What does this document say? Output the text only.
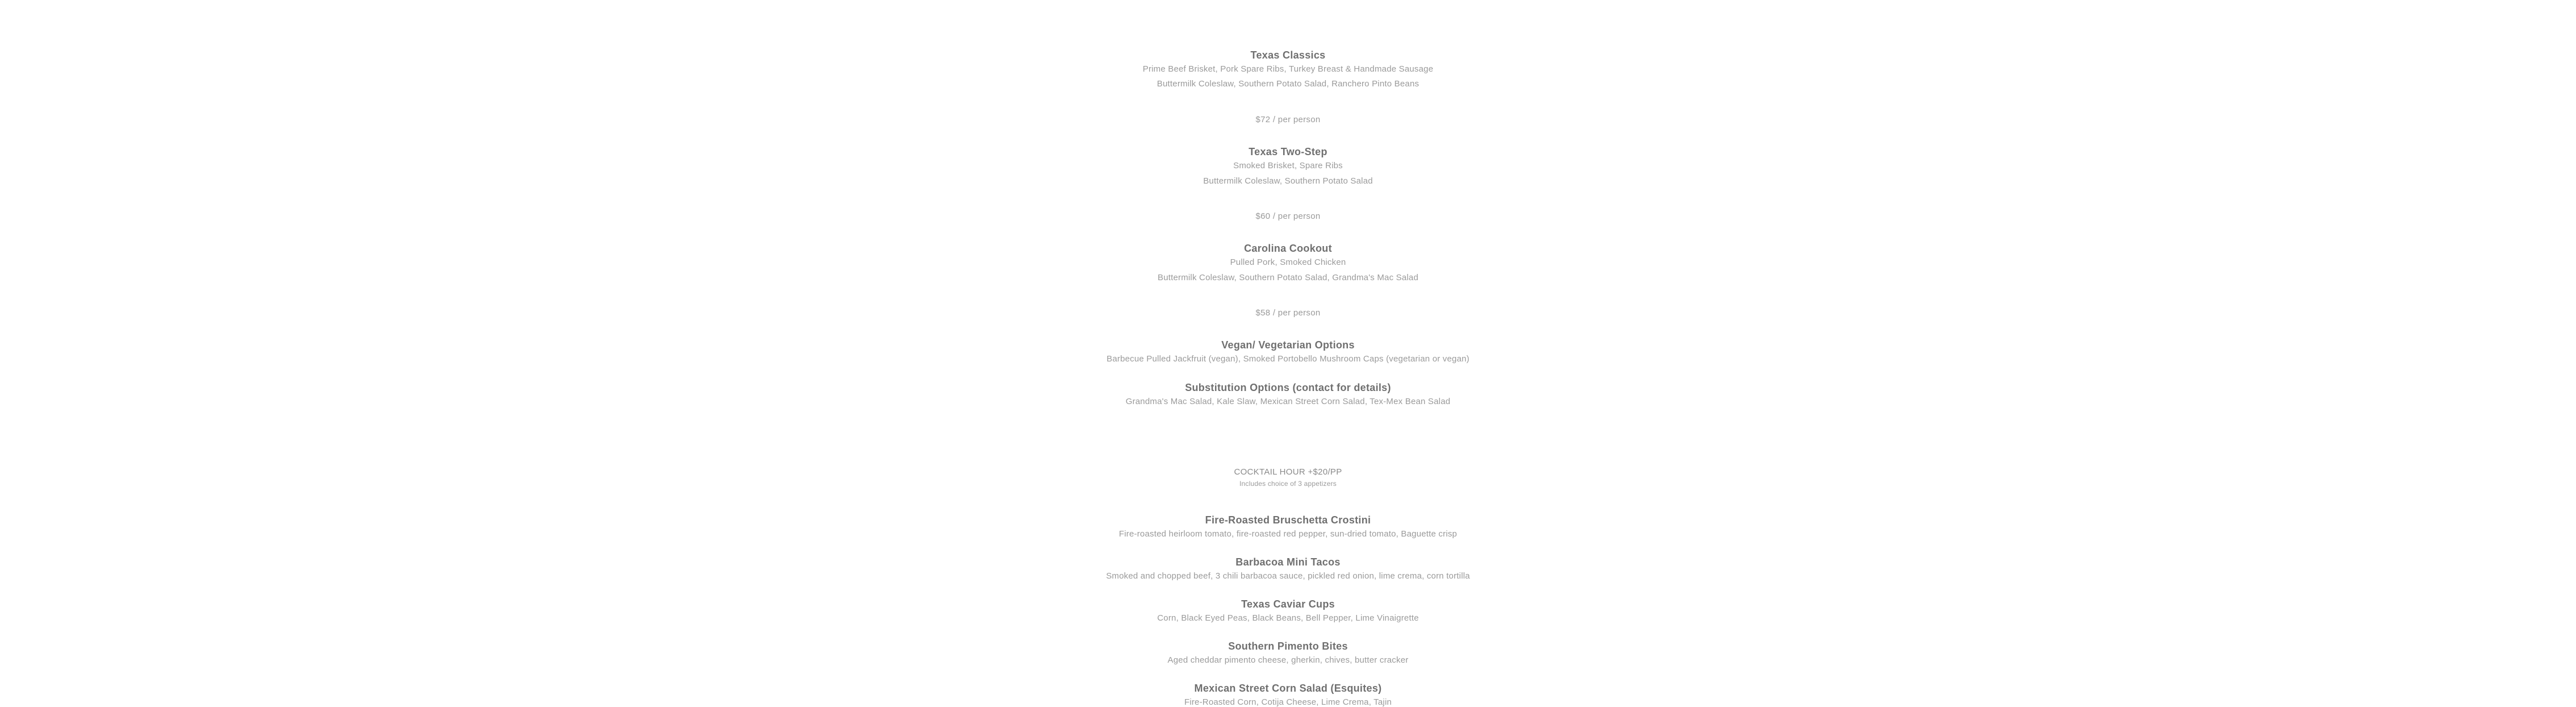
Texas Classics
Prime Beef Brisket, Pork Spare Ribs, Turkey Breast & Handmade Sausage
Buttermilk Coleslaw, Southern Potato Salad, Ranchero Pinto Beans
$72 / per person
Texas Two-Step
Smoked Brisket, Spare Ribs
Buttermilk Coleslaw, Southern Potato Salad
$60 / per person
Carolina Cookout
Pulled Pork, Smoked Chicken
Buttermilk Coleslaw, Southern Potato Salad, Grandma's Mac Salad
$58 / per person
Vegan/ Vegetarian Options
Barbecue Pulled Jackfruit (vegan), Smoked Portobello Mushroom Caps (vegetarian or vegan)
Substitution Options (contact for details)
Grandma's Mac Salad, Kale Slaw, Mexican Street Corn Salad, Tex-Mex Bean Salad
COCKTAIL HOUR +$20/PP
Includes choice of 3 appetizers
Fire-Roasted Bruschetta Crostini
Fire-roasted heirloom tomato, fire-roasted red pepper, sun-dried tomato, Baguette crisp
Barbacoa Mini Tacos
Smoked and chopped beef, 3 chili barbacoa sauce, pickled red onion, lime crema, corn tortilla
Texas Caviar Cups
Corn, Black Eyed Peas, Black Beans, Bell Pepper, Lime Vinaigrette
Southern Pimento Bites
Aged cheddar pimento cheese, gherkin, chives, butter cracker
Mexican Street Corn Salad (Esquites)
Fire-Roasted Corn, Cotija Cheese, Lime Crema, Tajin
